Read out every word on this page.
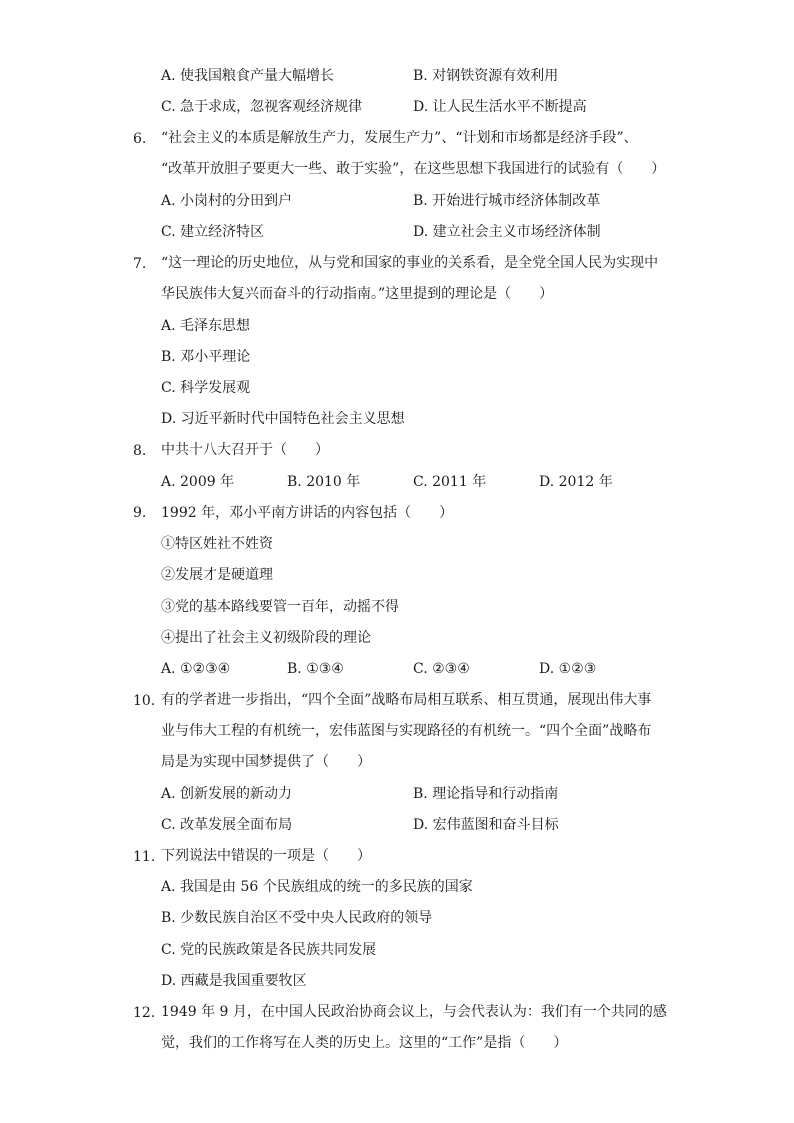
A. 使我国粮食产量大幅增长	B. 对钢铁资源有效利用
C. 急于求成，忽视客观经济规律	D. 让人民生活水平不断提高
6. “社会主义的本质是解放生产力，发展生产力”、“计划和市场都是经济手段”、
“改革开放胆子要更大一些、敢于实验”，在这些思想下我国进行的试验有（　　）
A. 小岗村的分田到户	B. 开始进行城市经济体制改革
C. 建立经济特区	D. 建立社会主义市场经济体制
7. “这一理论的历史地位，从与党和国家的事业的关系看，是全党全国人民为实现中
华民族伟大复兴而奋斗的行动指南。”这里提到的理论是（　　）
A. 毛泽东思想
B. 邓小平理论
C. 科学发展观
D. 习近平新时代中国特色社会主义思想
8. 中共十八大召开于（　　）
A. 2009 年	B. 2010 年	C. 2011 年	D. 2012 年
9. 1992 年，邓小平南方讲话的内容包括（　　）
①特区姓社不姓资
②发展才是硬道理
③党的基本路线要管一百年，动摇不得
④提出了社会主义初级阶段的理论
A. ①②③④	B. ①③④	C. ②③④	D. ①②③
10. 有的学者进一步指出，“四个全面”战略布局相互联系、相互贯通，展现出伟大事
业与伟大工程的有机统一，宏伟蓝图与实现路径的有机统一。“四个全面”战略布
局是为实现中国梦提供了（　　）
A. 创新发展的新动力	B. 理论指导和行动指南
C. 改革发展全面布局	D. 宏伟蓝图和奋斗目标
11. 下列说法中错误的一项是（　　）
A. 我国是由 56 个民族组成的统一的多民族的国家
B. 少数民族自治区不受中央人民政府的领导
C. 党的民族政策是各民族共同发展
D. 西藏是我国重要牧区
12. 1949 年 9 月，在中国人民政治协商会议上，与会代表认为：我们有一个共同的感
觉，我们的工作将写在人类的历史上。这里的“工作”是指（　　）
